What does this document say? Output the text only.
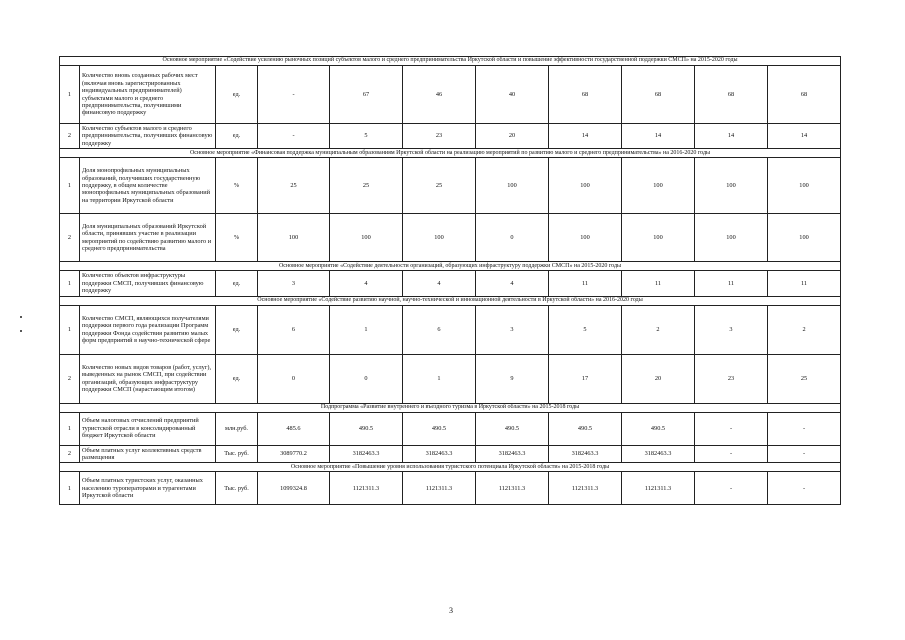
Основное мероприятие «Содействие усилению рыночных позиций субъектов малого и среднего предпринимательства Иркутской области и повышение эффективности государственной поддержки СМСП» на 2015-2020 годы										
1	Количество вновь созданных рабочих мест (включая вновь зарегистрированных индивидуальных предпринимателей) субъектами малого и среднего предпринимательства, получившими финансовую поддержку	ед.	-	67	46	40	68	68	68	68
2	Количество субъектов малого и среднего предпринимательства, получивших финансовую поддержку	ед.	-	5	23	20	14	14	14	14
Основное мероприятие «Финансовая поддержка муниципальным образованиям Иркутской области на реализацию мероприятий по развитию малого и среднего предпринимательства» на 2016-2020 годы										
1	Доля монопрофильных муниципальных образований, получивших государственную поддержку, в общем количестве монопрофильных муниципальных образований на территории Иркутской области	%	25	25	25	100	100	100	100	100
2	Доля муниципальных образований Иркутской области, принявших участие в реализации мероприятий по содействию развитию малого и среднего предпринимательства	%	100	100	100	0	100	100	100	100
Основное мероприятие «Содействие деятельности организаций, образующих инфраструктуру поддержки СМСП» на 2015-2020 годы										
1	Количество объектов инфраструктуры поддержки СМСП, получивших финансовую поддержку	ед.	3	4	4	4	11	11	11	11
Основное мероприятие «Содействие развитию научной, научно-технической и инновационной деятельности в Иркутской области» на 2016-2020 годы										
1	Количество СМСП, являющихся получателями поддержки первого года реализации Программ поддержки Фонда содействия развитию малых форм предприятий в научно-технической сфере	ед.	6	1	6	3	5	2	3	2
2	Количество новых видов товаров (работ, услуг), выведенных на рынок СМСП, при содействии организаций, образующих инфраструктуру поддержки СМСП (нарастающим итогом)	ед.	0	0	1	9	17	20	23	25
Подпрограмма «Развитие внутреннего и въездного туризма в Иркутской области» на 2015-2018 годы										
1	Объем налоговых отчислений предприятий туристской отрасли в консолидированный бюджет Иркутской области	млн.руб.	485.6	490.5	490.5	490.5	490.5	490.5	-	-
2	Объем платных услуг коллективных средств размещения	Тыс. руб.	3089770.2	3182463.3	3182463.3	3182463.3	3182463.3	3182463.3	-	-
Основное мероприятие «Повышение уровня использования туристского потенциала Иркутской области» на 2015-2018 годы										
1	Объем платных туристских услуг, оказанных населению туроператорами и турагентами Иркутской области	Тыс. руб.	1099324.8	1121311.3	1121311.3	1121311.3	1121311.3	1121311.3	-	-
3
